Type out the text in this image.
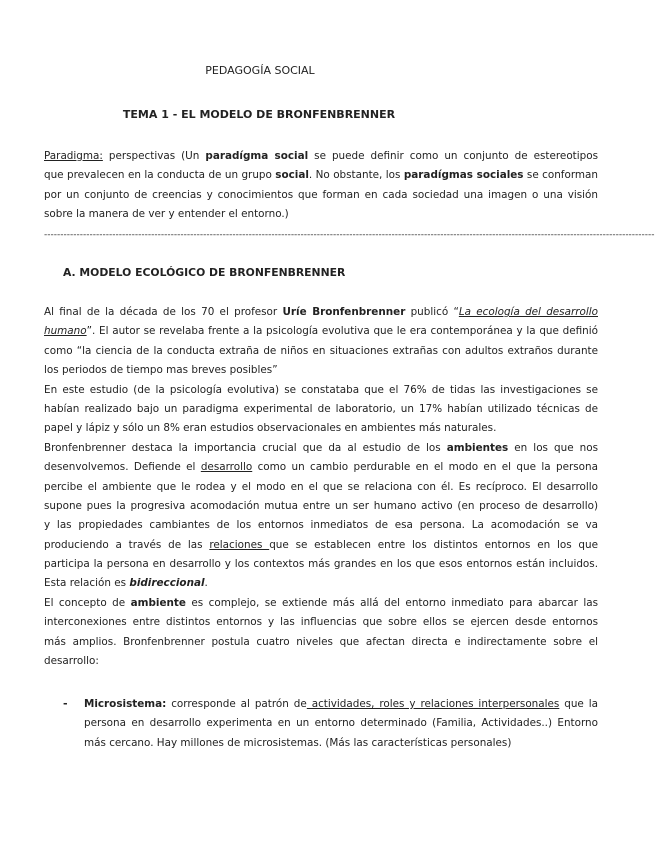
PEDAGOGÍA SOCIAL
TEMA 1 - EL MODELO DE BRONFENBRENNER
Paradigma: perspectivas (Un paradígma social se puede definir como un conjunto de estereotipos
que prevalecen en la conducta de un grupo social. No obstante, los paradígmas sociales se conforman
por un conjunto de creencias y conocimientos que forman en cada sociedad una imagen o una visión
sobre la manera de ver y entender el entorno.)
--------------------------------------------------------------------------------------------------------------------------------------------------------------------------------------------
A. MODELO ECOLÓGICO DE BRONFENBRENNER
Al final de la década de los 70 el profesor Uríe Bronfenbrenner publicó “La ecología del desarrollo
humano”. El autor se revelaba frente a la psicología evolutiva que le era contemporánea y la que definió
como “la ciencia de la conducta extraña de niños en situaciones extrañas con adultos extraños durante
los periodos de tiempo mas breves posibles”
En este estudio (de la psicología evolutiva) se constataba que el 76% de tidas las investigaciones se
habían realizado bajo un paradigma experimental de laboratorio, un 17% habían utilizado técnicas de
papel y lápiz y sólo un 8% eran estudios observacionales en ambientes más naturales.
Bronfenbrenner destaca la importancia crucial que da al estudio de los ambientes en los que nos
desenvolvemos. Defiende el desarrollo como un cambio perdurable en el modo en el que la persona
percibe el ambiente que le rodea y el modo en el que se relaciona con él. Es recíproco. El desarrollo
supone pues la progresiva acomodación mutua entre un ser humano activo (en proceso de desarrollo)
y las propiedades cambiantes de los entornos inmediatos de esa persona. La acomodación se va
produciendo a través de las relaciones que se establecen entre los distintos entornos en los que
participa la persona en desarrollo y los contextos más grandes en los que esos entornos están incluidos.
Esta relación es bidireccional.
El concepto de ambiente es complejo, se extiende más allá del entorno inmediato para abarcar las
interconexiones entre distintos entornos y las influencias que sobre ellos se ejercen desde entornos
más amplios. Bronfenbrenner postula cuatro niveles que afectan directa e indirectamente sobre el
desarrollo:
- Microsistema: corresponde al patrón de actividades, roles y relaciones interpersonales que la
persona en desarrollo experimenta en un entorno determinado (Familia, Actividades..) Entorno
más cercano. Hay millones de microsistemas. (Más las características personales)
